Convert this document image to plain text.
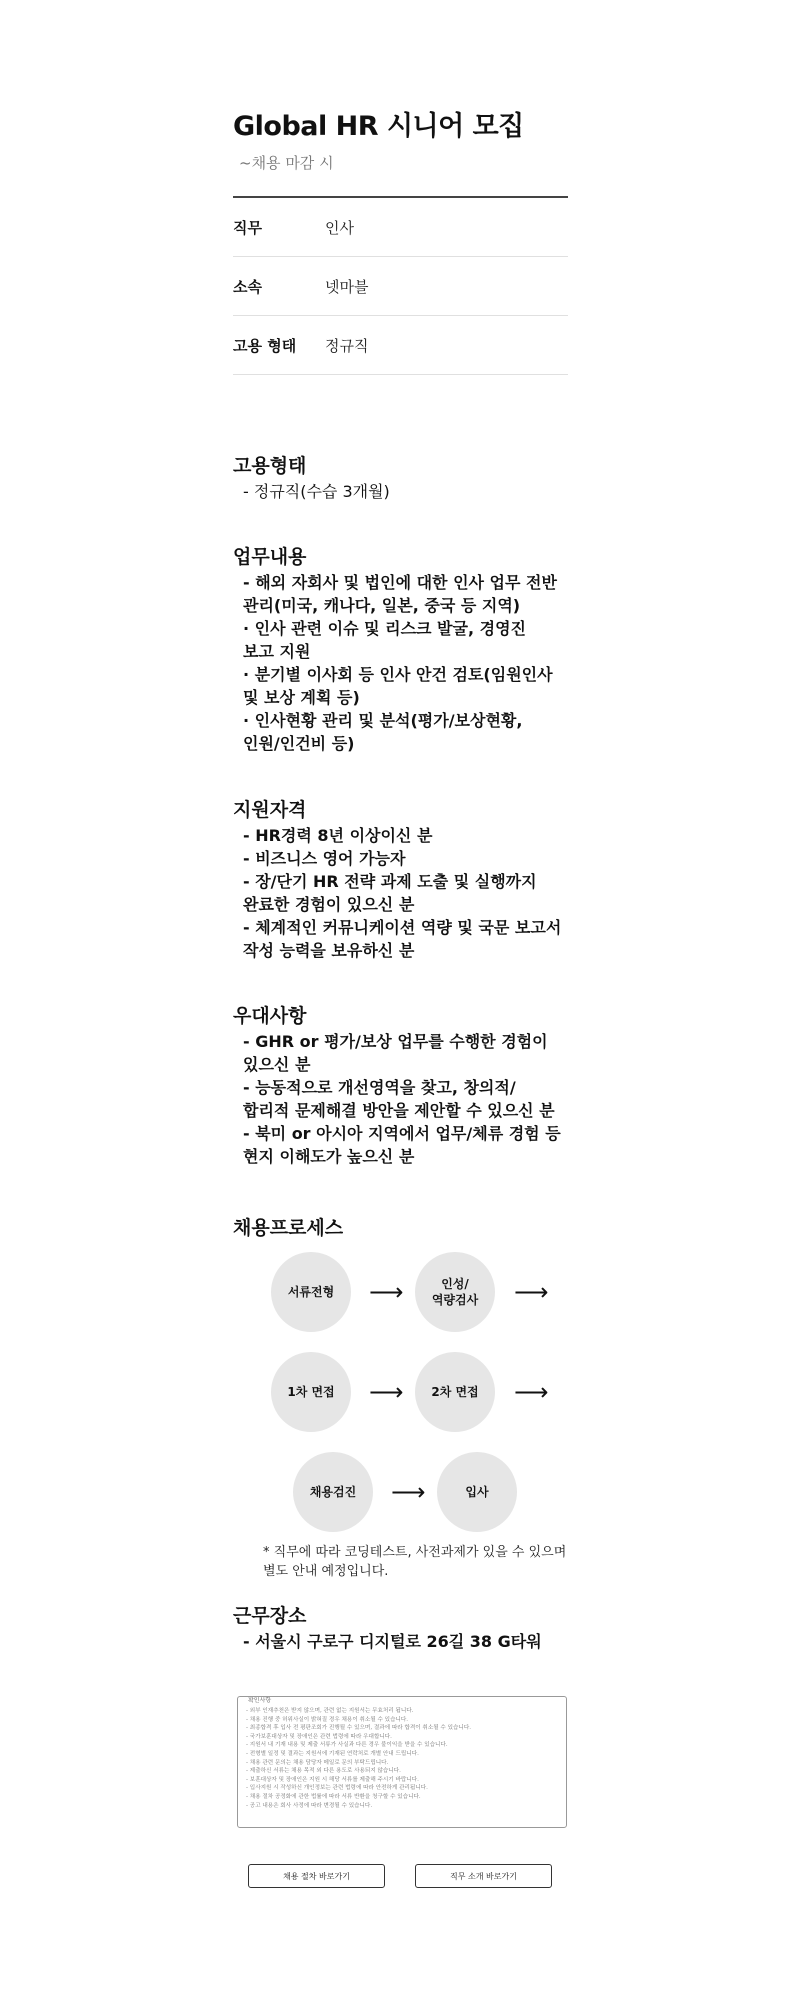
Global HR 시니어 모집
~채용 마감 시
직무	인사
소속	넷마블
고용 형태	정규직
고용형태
- 정규직(수습 3개월)
업무내용
- 해외 자회사 및 법인에 대한 인사 업무 전반
관리(미국, 캐나다, 일본, 중국 등 지역)
· 인사 관련 이슈 및 리스크 발굴, 경영진
보고 지원
· 분기별 이사회 등 인사 안건 검토(임원인사
및 보상 계획 등)
· 인사현황 관리 및 분석(평가/보상현황,
인원/인건비 등)
지원자격
- HR경력 8년 이상이신 분
- 비즈니스 영어 가능자
- 장/단기 HR 전략 과제 도출 및 실행까지
완료한 경험이 있으신 분
- 체계적인 커뮤니케이션 역량 및 국문 보고서
작성 능력을 보유하신 분
우대사항
- GHR or 평가/보상 업무를 수행한 경험이
있으신 분
- 능동적으로 개선영역을 찾고, 창의적/
합리적 문제해결 방안을 제안할 수 있으신 분
- 북미 or 아시아 지역에서 업무/체류 경험 등
현지 이해도가 높으신 분
채용프로세스
서류전형	⟶	인성/
역량검사	⟶
1차 면접	⟶	2차 면접	⟶
채용검진	⟶	입사
* 직무에 따라 코딩테스트, 사전과제가 있을 수 있으며
별도 안내 예정입니다.
근무장소
- 서울시 구로구 디지털로 26길 38 G타워
확인사항
- 외부 인재추천은 받지 않으며, 관련 없는 지원서는 무효처리 됩니다.
- 채용 진행 중 허위사실이 밝혀질 경우 채용이 취소될 수 있습니다.
- 최종합격 후 입사 전 평판조회가 진행될 수 있으며, 결과에 따라 합격이 취소될 수 있습니다.
- 국가보훈대상자 및 장애인은 관련 법령에 따라 우대합니다.
- 지원서 내 기재 내용 및 제출 서류가 사실과 다른 경우 불이익을 받을 수 있습니다.
- 전형별 일정 및 결과는 지원서에 기재된 연락처로 개별 안내 드립니다.
- 채용 관련 문의는 채용 담당자 메일로 문의 부탁드립니다.
- 제출하신 서류는 채용 목적 외 다른 용도로 사용되지 않습니다.
- 보훈대상자 및 장애인은 지원 시 해당 서류를 제출해 주시기 바랍니다.
- 입사지원 시 작성하신 개인정보는 관련 법령에 따라 안전하게 관리됩니다.
- 채용 절차 공정화에 관한 법률에 따라 서류 반환을 청구할 수 있습니다.
- 공고 내용은 회사 사정에 따라 변경될 수 있습니다.
채용 절차 바로가기	직무 소개 바로가기
